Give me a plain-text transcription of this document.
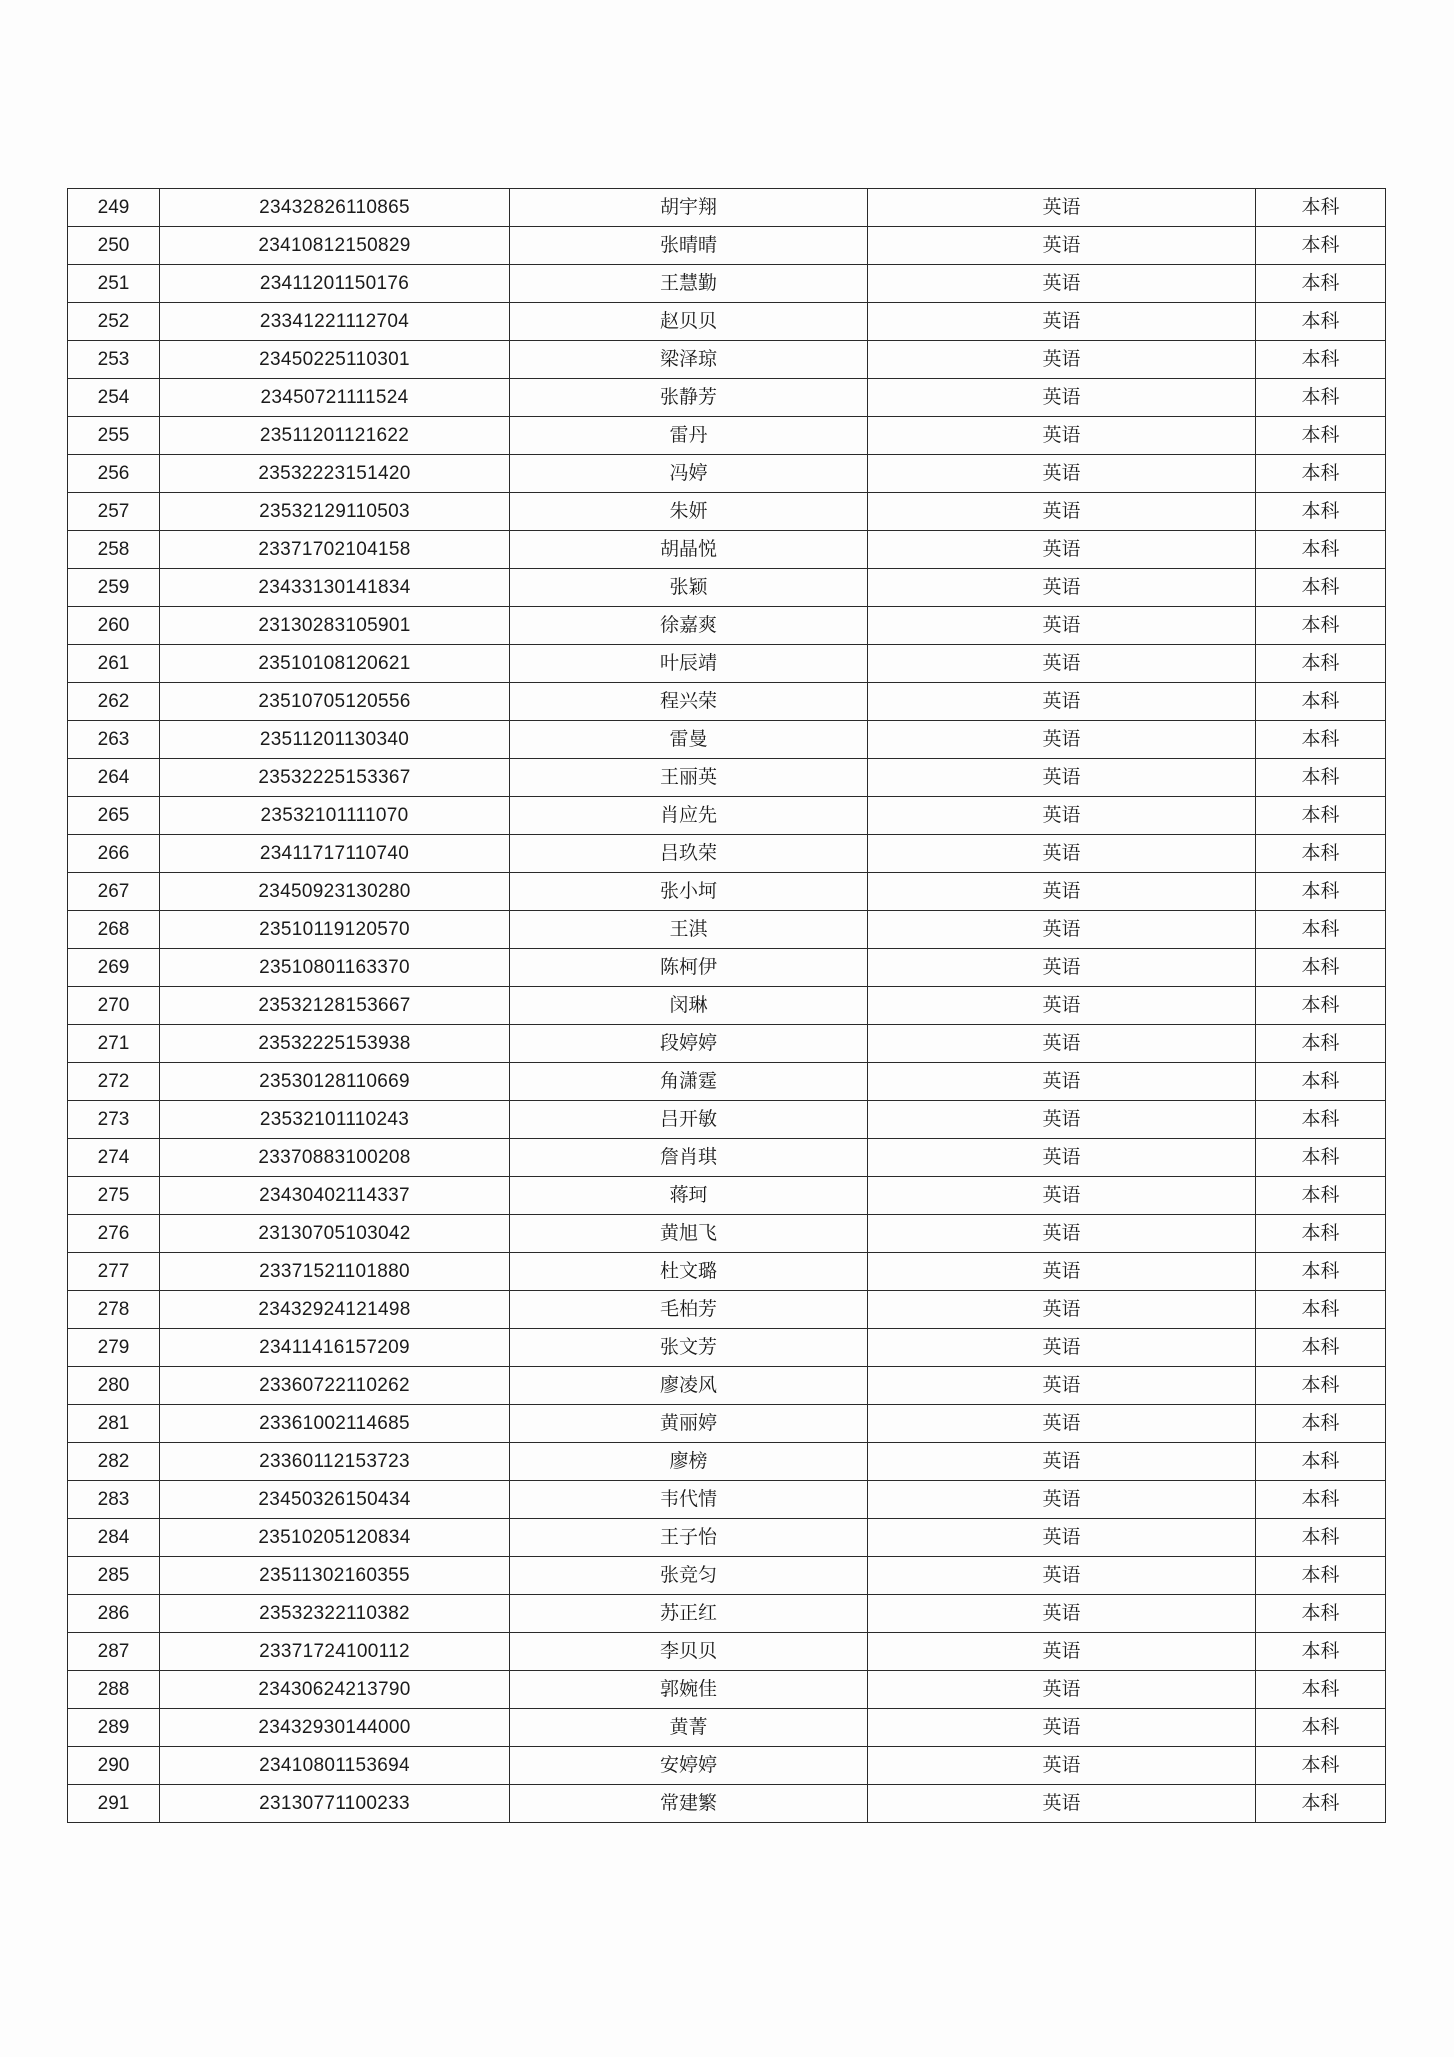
249	23432826110865	胡宇翔	英语	本科
250	23410812150829	张晴晴	英语	本科
251	23411201150176	王慧勤	英语	本科
252	23341221112704	赵贝贝	英语	本科
253	23450225110301	梁泽琼	英语	本科
254	23450721111524	张静芳	英语	本科
255	23511201121622	雷丹	英语	本科
256	23532223151420	冯婷	英语	本科
257	23532129110503	朱妍	英语	本科
258	23371702104158	胡晶悦	英语	本科
259	23433130141834	张颖	英语	本科
260	23130283105901	徐嘉爽	英语	本科
261	23510108120621	叶辰靖	英语	本科
262	23510705120556	程兴荣	英语	本科
263	23511201130340	雷曼	英语	本科
264	23532225153367	王丽英	英语	本科
265	23532101111070	肖应先	英语	本科
266	23411717110740	吕玖荣	英语	本科
267	23450923130280	张小坷	英语	本科
268	23510119120570	王淇	英语	本科
269	23510801163370	陈柯伊	英语	本科
270	23532128153667	闵琳	英语	本科
271	23532225153938	段婷婷	英语	本科
272	23530128110669	角潇霆	英语	本科
273	23532101110243	吕开敏	英语	本科
274	23370883100208	詹肖琪	英语	本科
275	23430402114337	蒋珂	英语	本科
276	23130705103042	黄旭飞	英语	本科
277	23371521101880	杜文璐	英语	本科
278	23432924121498	毛柏芳	英语	本科
279	23411416157209	张文芳	英语	本科
280	23360722110262	廖凌风	英语	本科
281	23361002114685	黄丽婷	英语	本科
282	23360112153723	廖榜	英语	本科
283	23450326150434	韦代情	英语	本科
284	23510205120834	王子怡	英语	本科
285	23511302160355	张竞匀	英语	本科
286	23532322110382	苏正红	英语	本科
287	23371724100112	李贝贝	英语	本科
288	23430624213790	郭婉佳	英语	本科
289	23432930144000	黄菁	英语	本科
290	23410801153694	安婷婷	英语	本科
291	23130771100233	常建繁	英语	本科
